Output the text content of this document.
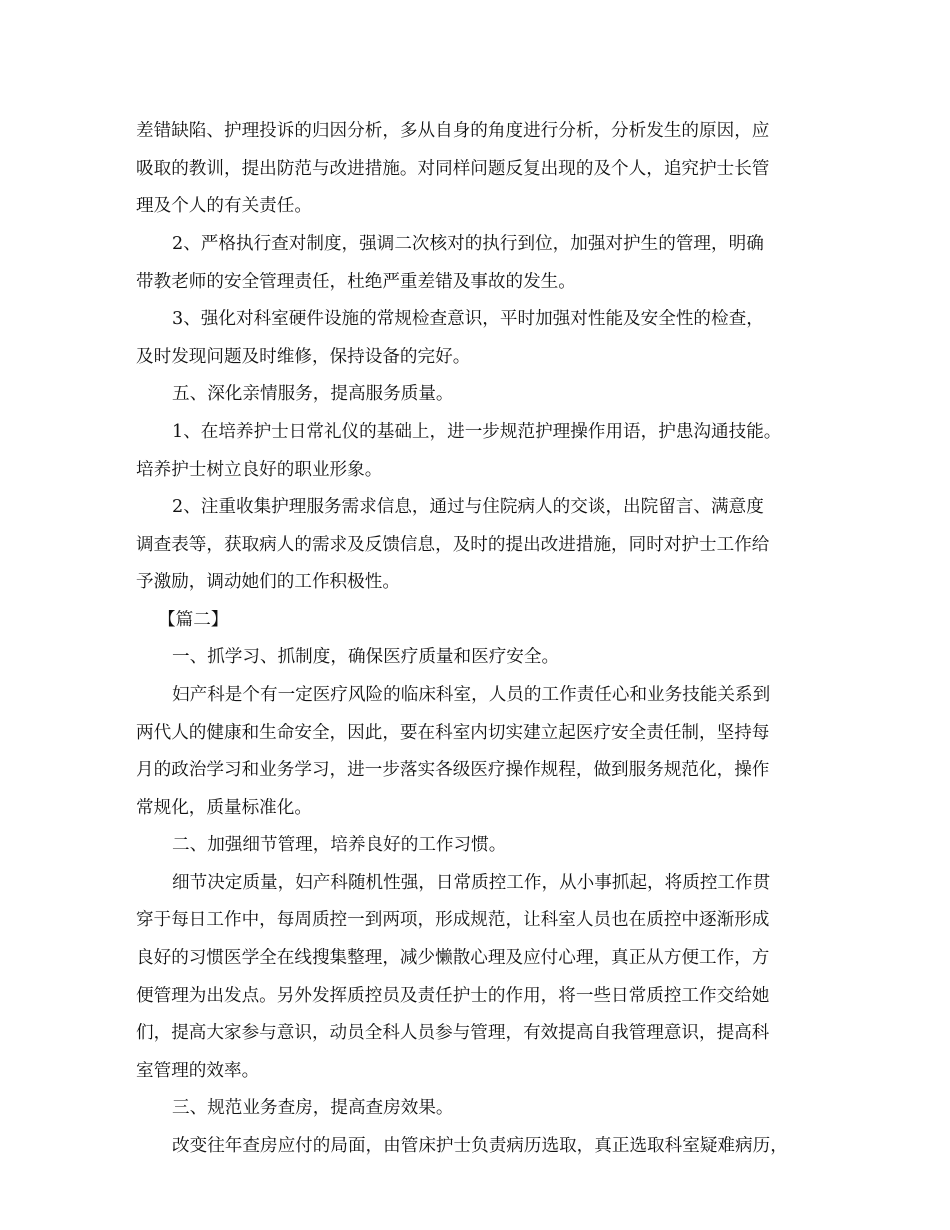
差错缺陷、护理投诉的归因分析，多从自身的角度进行分析，分析发生的原因，应
吸取的教训，提出防范与改进措施。对同样问题反复出现的及个人，追究护士长管
理及个人的有关责任。
2、严格执行查对制度，强调二次核对的执行到位，加强对护生的管理，明确
带教老师的安全管理责任，杜绝严重差错及事故的发生。
3、强化对科室硬件设施的常规检查意识，平时加强对性能及安全性的检查，
及时发现问题及时维修，保持设备的完好。
五、深化亲情服务，提高服务质量。
1、在培养护士日常礼仪的基础上，进一步规范护理操作用语，护患沟通技能。
培养护士树立良好的职业形象。
2、注重收集护理服务需求信息，通过与住院病人的交谈，出院留言、满意度
调查表等，获取病人的需求及反馈信息，及时的提出改进措施，同时对护士工作给
予激励，调动她们的工作积极性。
【篇二】
一、抓学习、抓制度，确保医疗质量和医疗安全。
妇产科是个有一定医疗风险的临床科室，人员的工作责任心和业务技能关系到
两代人的健康和生命安全，因此，要在科室内切实建立起医疗安全责任制，坚持每
月的政治学习和业务学习，进一步落实各级医疗操作规程，做到服务规范化，操作
常规化，质量标准化。
二、加强细节管理，培养良好的工作习惯。
细节决定质量，妇产科随机性强，日常质控工作，从小事抓起，将质控工作贯
穿于每日工作中，每周质控一到两项，形成规范，让科室人员也在质控中逐渐形成
良好的习惯医学全在线搜集整理，减少懒散心理及应付心理，真正从方便工作，方
便管理为出发点。另外发挥质控员及责任护士的作用，将一些日常质控工作交给她
们，提高大家参与意识，动员全科人员参与管理，有效提高自我管理意识，提高科
室管理的效率。
三、规范业务查房，提高查房效果。
改变往年查房应付的局面，由管床护士负责病历选取，真正选取科室疑难病历，
